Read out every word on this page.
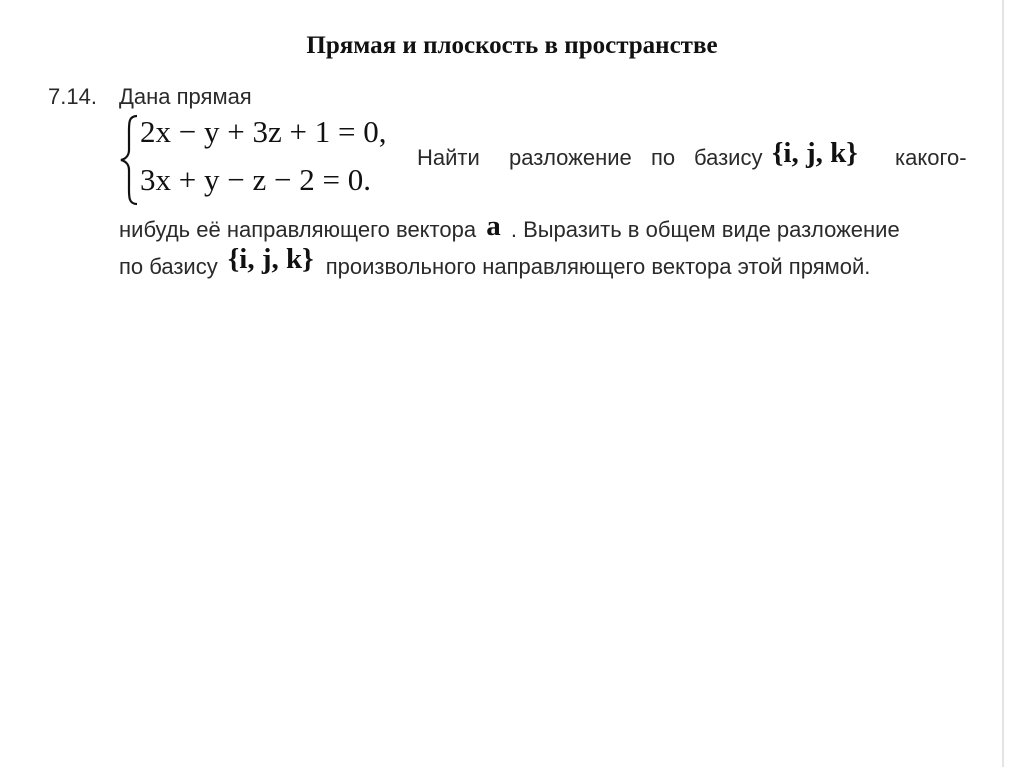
Прямая и плоскость в пространстве
7.14. Дана прямая
2x − y + 3z + 1 = 0,
3x + y − z − 2 = 0.
Найти разложение по базису	какого-
{i, j, k}
нибудь её направляющего вектора a . Выразить в общем виде разложение
по базису {i, j, k} произвольного направляющего вектора этой прямой.
